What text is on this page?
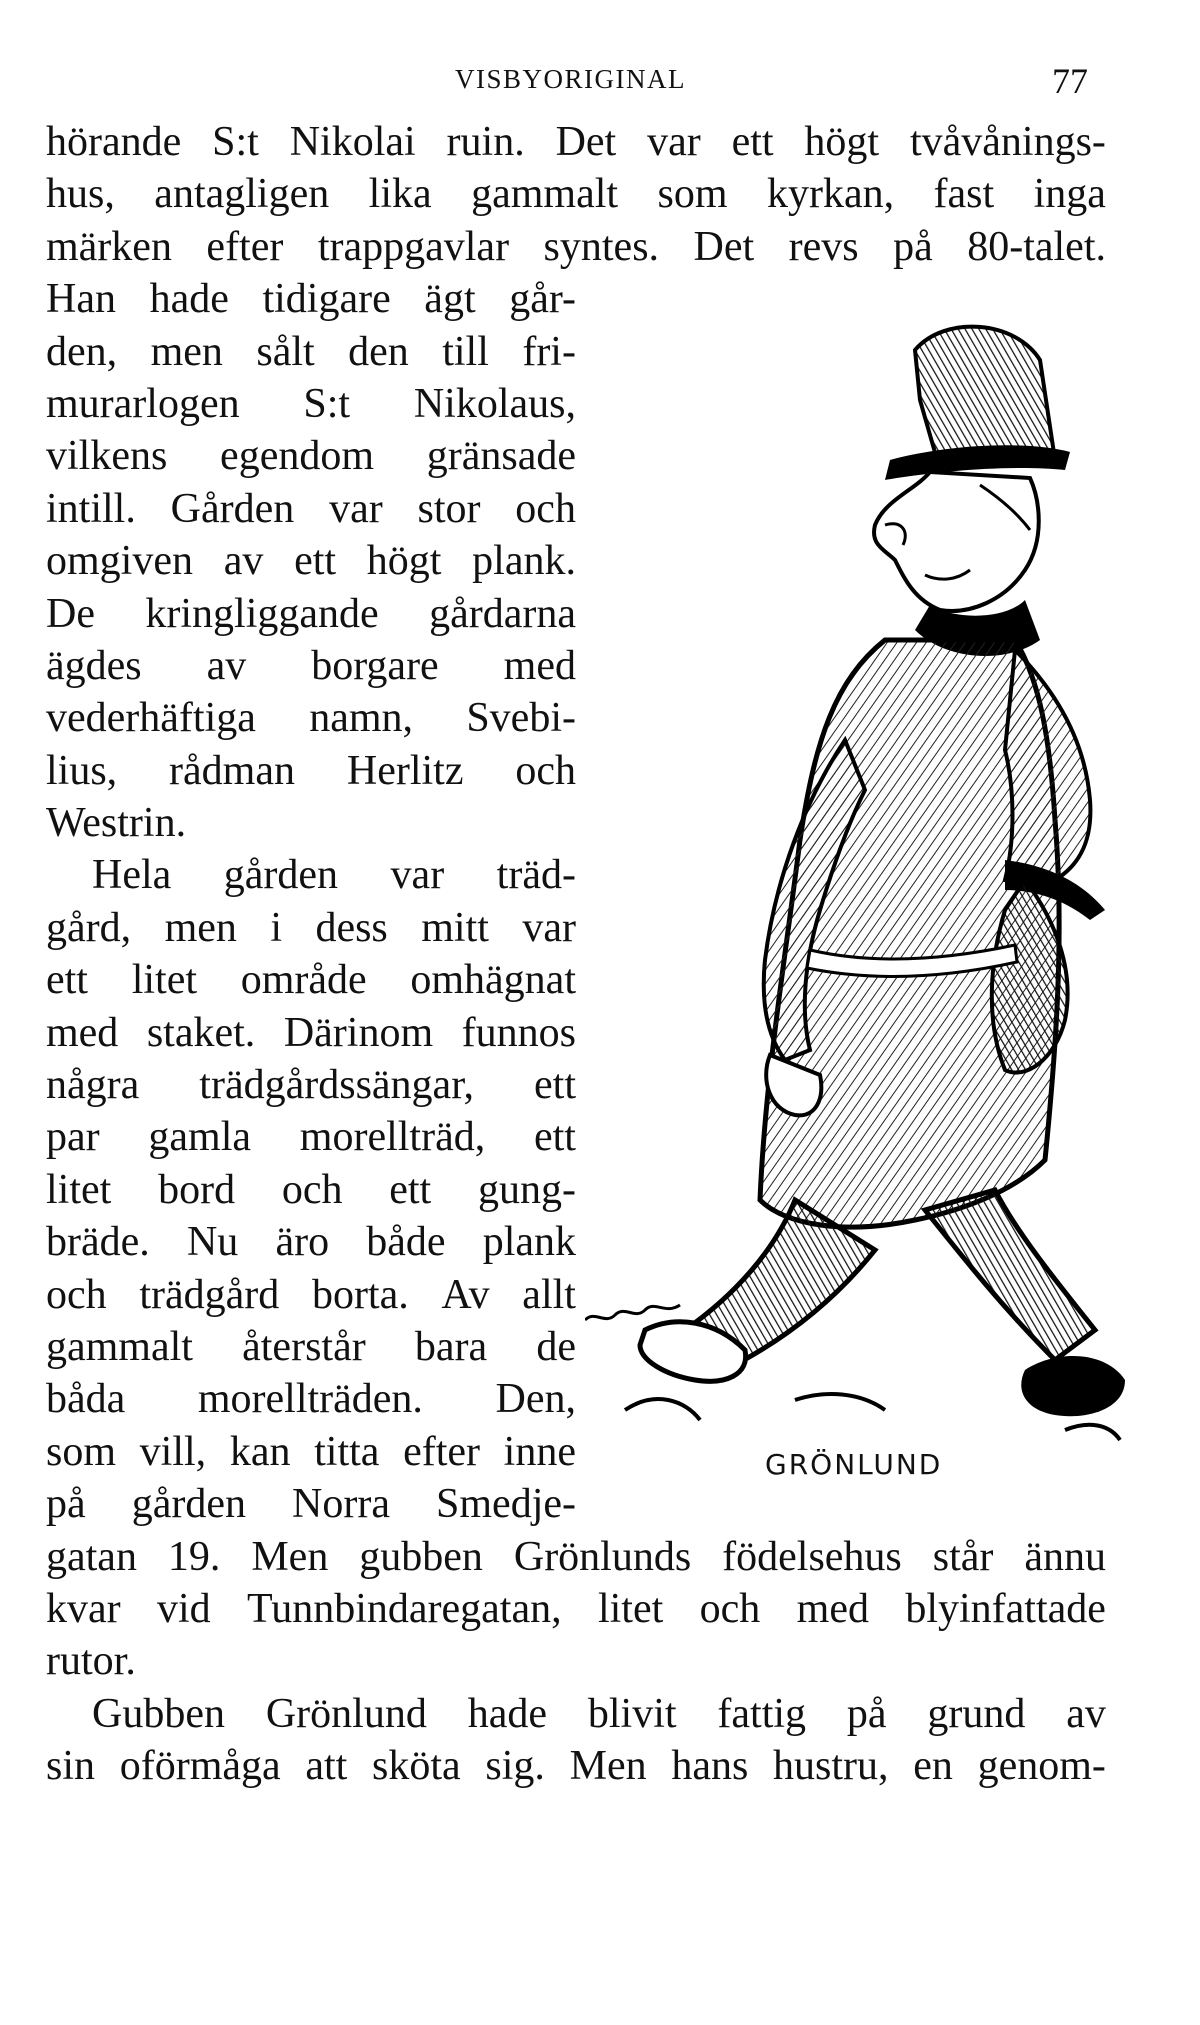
VISBYORIGINAL	77
hörande S:t Nikolai ruin. Det var ett högt tvåvånings-
hus, antagligen lika gammalt som kyrkan, fast inga
märken efter trappgavlar syntes. Det revs på 80-talet.
Han hade tidigare ägt går-
den, men sålt den till fri-
murarlogen S:t Nikolaus,
vilkens egendom gränsade
intill. Gården var stor och
omgiven av ett högt plank.
De kringliggande gårdarna
ägdes av borgare med
vederhäftiga namn, Svebi-
lius, rådman Herlitz och
Westrin.
Hela gården var träd-
gård, men i dess mitt var
ett litet område omhägnat
med staket. Därinom funnos
några trädgårdssängar, ett
par gamla morellträd, ett
litet bord och ett gung-
bräde. Nu äro både plank
och trädgård borta. Av allt
gammalt återstår bara de
båda morellträden. Den,
som vill, kan titta efter inne
på gården Norra Smedje-
gatan 19. Men gubben Grönlunds födelsehus står ännu
kvar vid Tunnbindaregatan, litet och med blyinfattade
rutor.
Gubben Grönlund hade blivit fattig på grund av
sin oförmåga att sköta sig. Men hans hustru, en genom-
GRÖNLUND
